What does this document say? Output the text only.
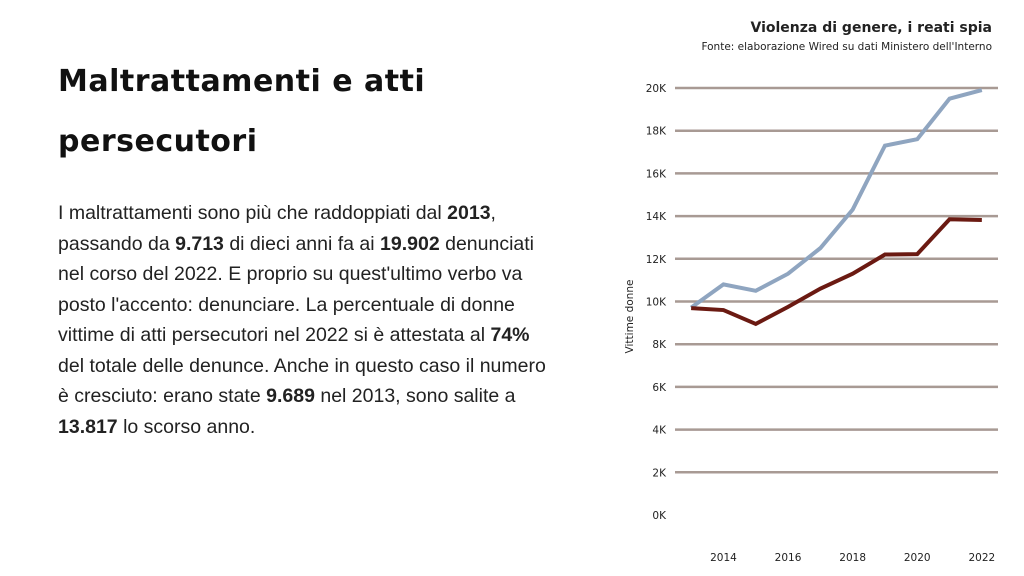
Maltrattamenti e atti persecutori

I maltrattamenti sono più che raddoppiati dal 2013, passando da 9.713 di dieci anni fa ai 19.902 denunciati nel corso del 2022. E proprio su quest'ultimo verbo va posto l'accento: denunciare. La percentuale di donne vittime di atti persecutori nel 2022 si è attestata al 74% del totale delle denunce. Anche in questo caso il numero è cresciuto: erano state 9.689 nel 2013, sono salite a 13.817 lo scorso anno.

Violenza di genere, i reati spia
Fonte: elaborazione Wired su dati Ministero dell'Interno
0K
2K
4K
6K
8K
10K
12K
14K
16K
18K
20K
2014	2016	2018	2020	2022
Vittime donne
